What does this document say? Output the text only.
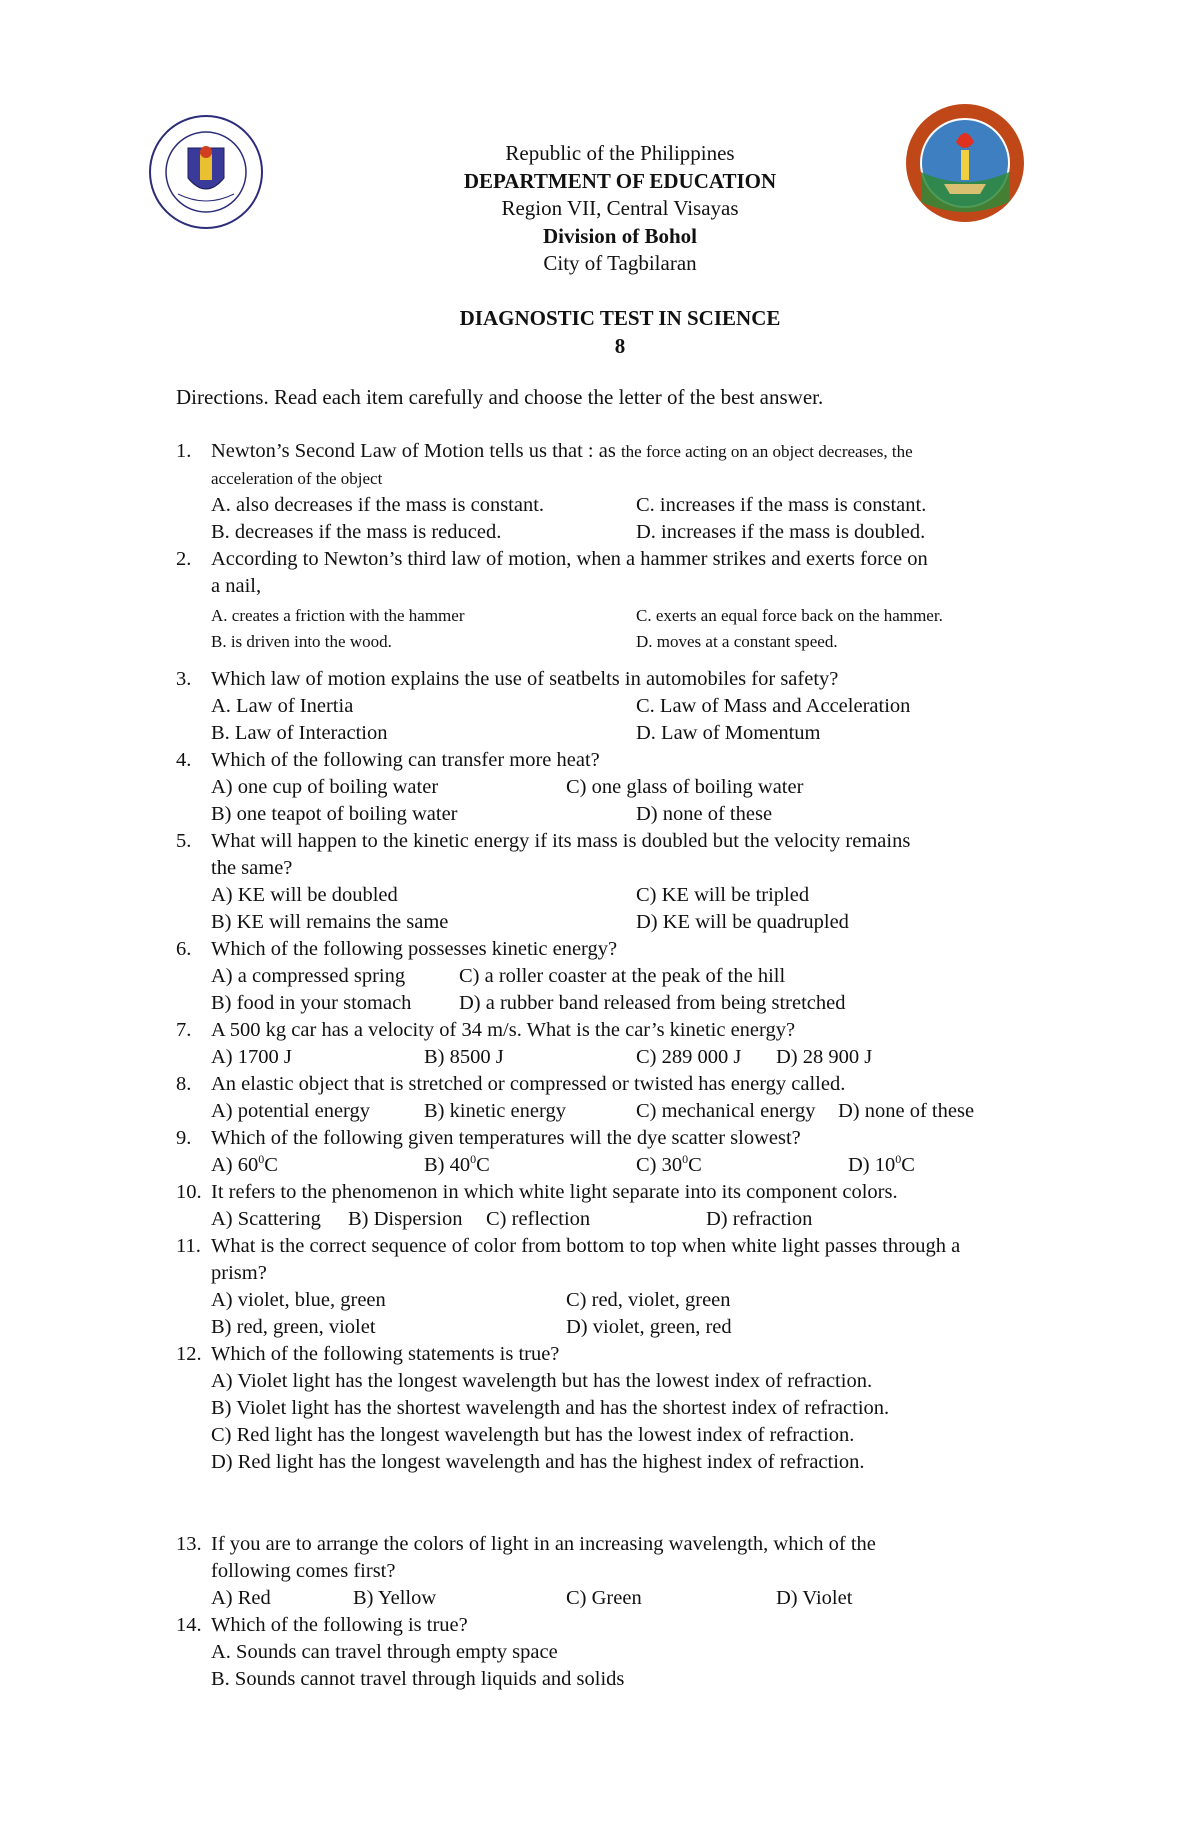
Republic of the Philippines
DEPARTMENT OF EDUCATION
Region VII, Central Visayas
Division of Bohol
City of Tagbilaran
DIAGNOSTIC TEST IN SCIENCE
8
Directions. Read each item carefully and choose the letter of the best answer.
1. Newton’s Second Law of Motion tells us that : as the force acting on an object decreases, the
acceleration of the object
A. also decreases if the mass is constant.	C. increases if the mass is constant.
B. decreases if the mass is reduced.	D. increases if the mass is doubled.
2. According to Newton’s third law of motion, when a hammer strikes and exerts force on
a nail,
A. creates a friction with the hammer	C. exerts an equal force back on the hammer.
B. is driven into the wood.	D. moves at a constant speed.
3. Which law of motion explains the use of seatbelts in automobiles for safety?
A. Law of Inertia	C. Law of Mass and Acceleration
B. Law of Interaction	D. Law of Momentum
4. Which of the following can transfer more heat?
A) one cup of boiling water	C) one glass of boiling water
B) one teapot of boiling water	D) none of these
5. What will happen to the kinetic energy if its mass is doubled but the velocity remains
the same?
A) KE will be doubled	C) KE will be tripled
B) KE will remains the same	D) KE will be quadrupled
6. Which of the following possesses kinetic energy?
A) a compressed spring	C) a roller coaster at the peak of the hill
B) food in your stomach D) a rubber band released from being stretched
7. A 500 kg car has a velocity of 34 m/s. What is the car’s kinetic energy?
A) 1700 J	B) 8500 J	C) 289 000 J D) 28 900 J
8. An elastic object that is stretched or compressed or twisted has energy called.
A) potential energy	B) kinetic energy	C) mechanical energy D) none of these
9. Which of the following given temperatures will the dye scatter slowest?
A) $60^0C$	B) $40^0C$	C) $30^0C$	D) $10^0C$
10. It refers to the phenomenon in which white light separate into its component colors.
A) Scattering B) Dispersion C) reflection	D) refraction
11. What is the correct sequence of color from bottom to top when white light passes through a
prism?
A) violet, blue, green	C) red, violet, green
B) red, green, violet	D) violet, green, red
12. Which of the following statements is true?
A) Violet light has the longest wavelength but has the lowest index of refraction.
B) Violet light has the shortest wavelength and has the shortest index of refraction.
C) Red light has the longest wavelength but has the lowest index of refraction.
D) Red light has the longest wavelength and has the highest index of refraction.
13. If you are to arrange the colors of light in an increasing wavelength, which of the
following comes first?
A) Red	B) Yellow	C) Green	D) Violet
14. Which of the following is true?
A. Sounds can travel through empty space
B. Sounds cannot travel through liquids and solids
